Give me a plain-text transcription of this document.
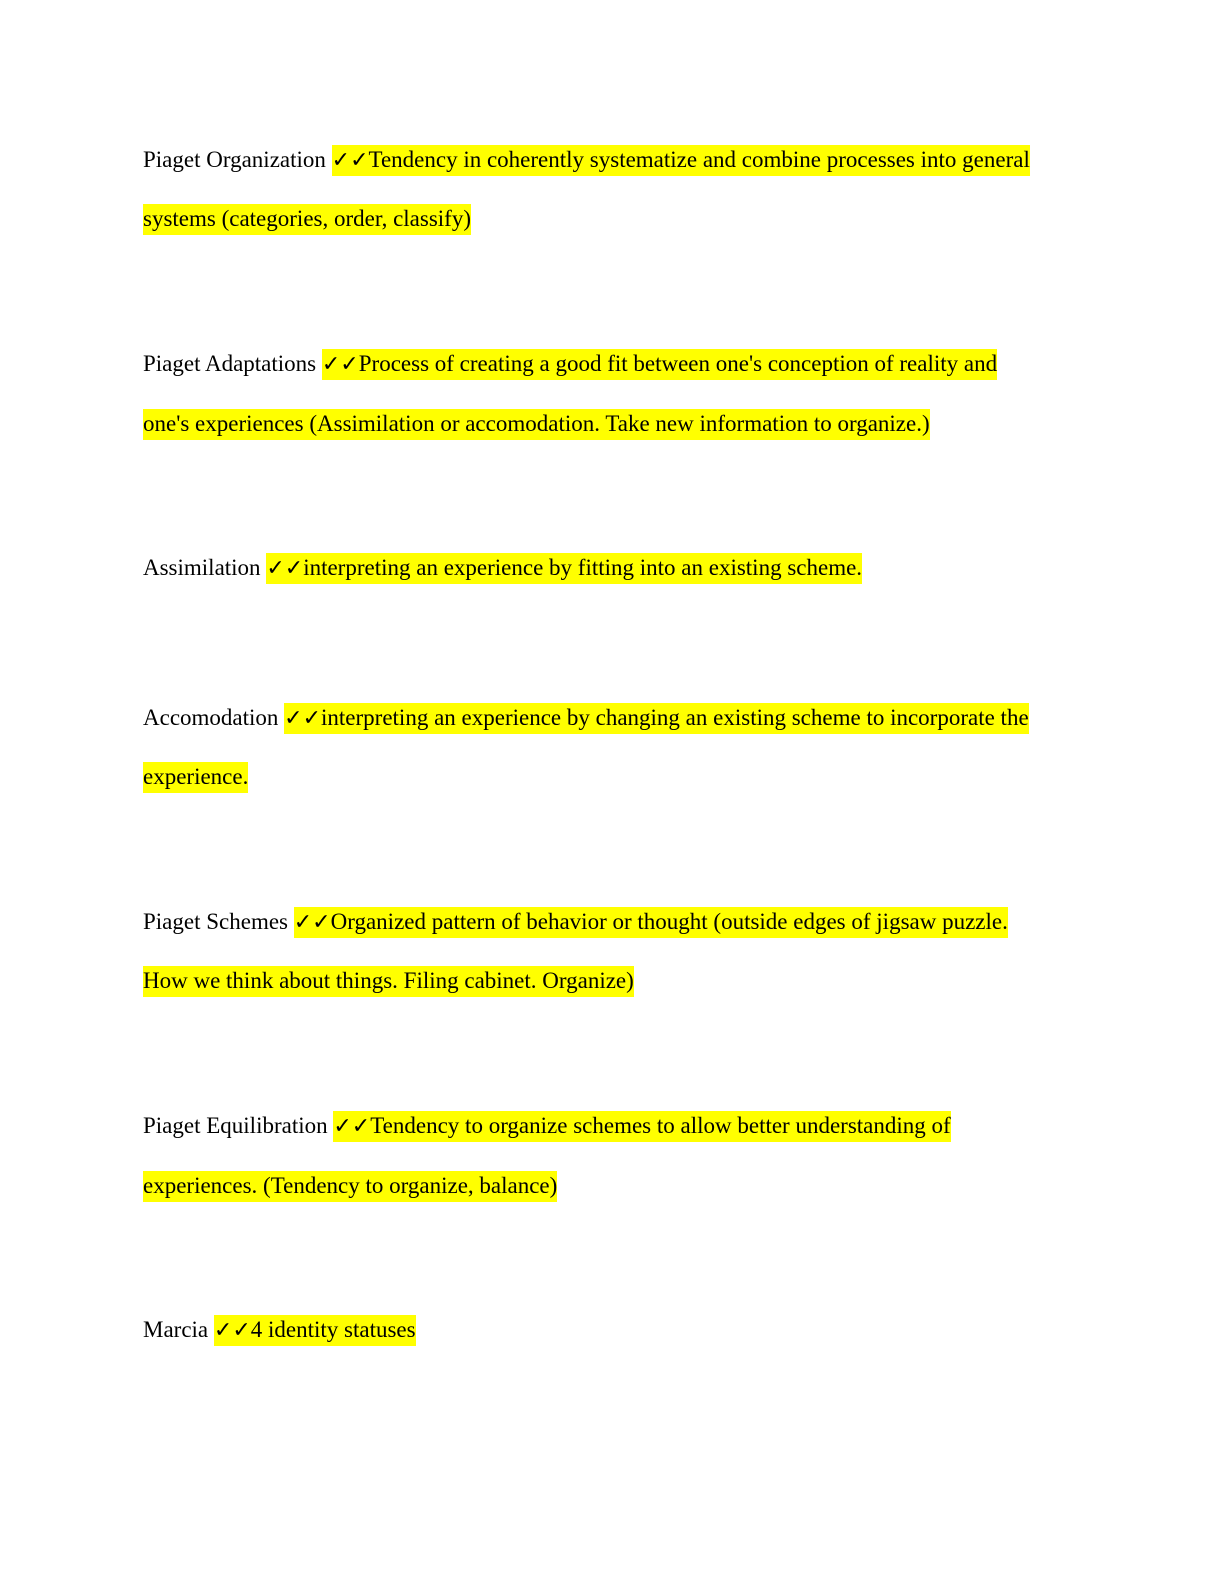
Piaget Organization ✓✓Tendency in coherently systematize and combine processes into general

systems (categories, order, classify)

Piaget Adaptations ✓✓Process of creating a good fit between one's conception of reality and

one's experiences (Assimilation or accomodation. Take new information to organize.)

Assimilation ✓✓interpreting an experience by fitting into an existing scheme.

Accomodation ✓✓interpreting an experience by changing an existing scheme to incorporate the

experience.

Piaget Schemes ✓✓Organized pattern of behavior or thought (outside edges of jigsaw puzzle.

How we think about things. Filing cabinet. Organize)

Piaget Equilibration ✓✓Tendency to organize schemes to allow better understanding of

experiences. (Tendency to organize, balance)

Marcia ✓✓4 identity statuses
